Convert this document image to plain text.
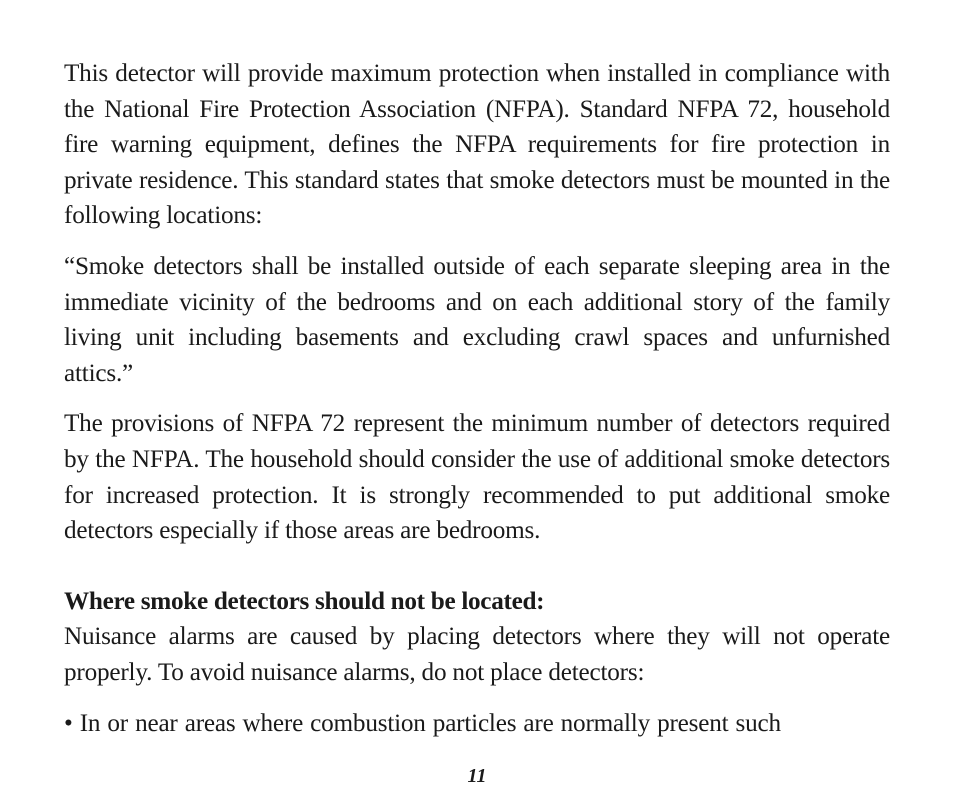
This detector will provide maximum protection when installed in compliance with the National Fire Protection Association (NFPA). Standard NFPA 72, household fire warning equipment, defines the NFPA requirements for fire protection in private residence. This standard states that smoke detectors must be mounted in the following locations:

“Smoke detectors shall be installed outside of each separate sleeping area in the immediate vicinity of the bedrooms and on each additional story of the family living unit including basements and excluding crawl spaces and unfurnished attics.”

The provisions of NFPA 72 represent the minimum number of detectors required by the NFPA. The household should consider the use of additional smoke detectors for increased protection. It is strongly recommended to put additional smoke detectors especially if those areas are bedrooms.

Where smoke detectors should not be located:

Nuisance alarms are caused by placing detectors where they will not operate properly. To avoid nuisance alarms, do not place detectors:

• In or near areas where combustion particles are normally present such
11
